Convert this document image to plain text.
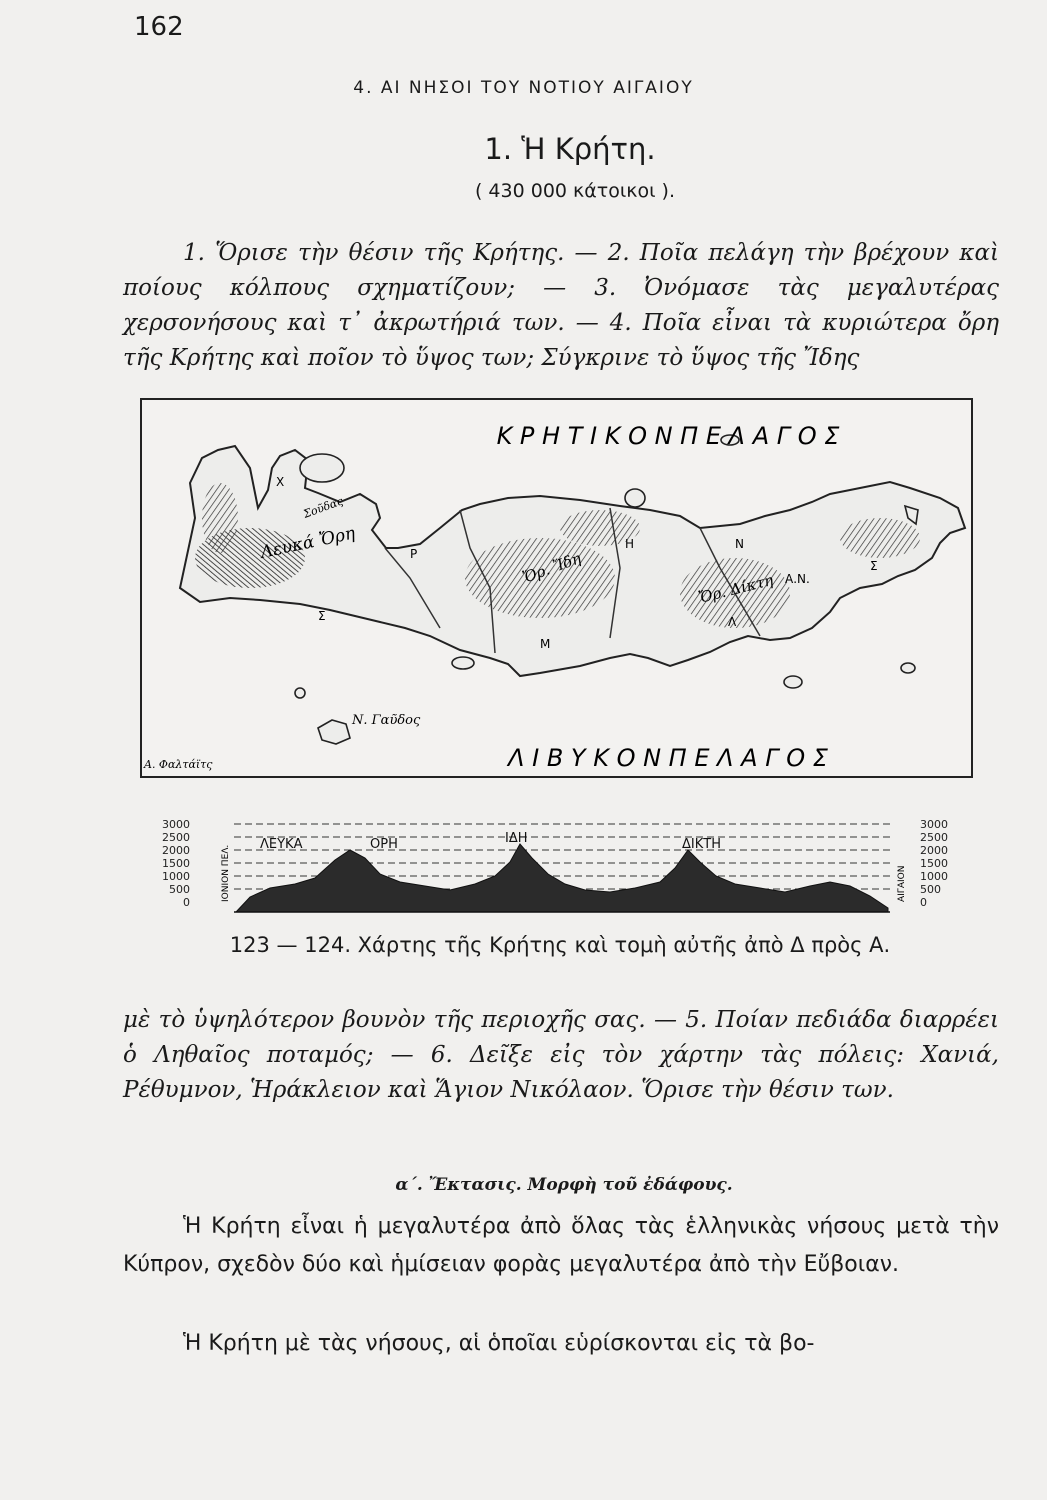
162
4. ΑΙ ΝΗΣΟΙ ΤΟΥ ΝΟΤΙΟΥ ΑΙΓΑΙΟΥ
1. Ἡ Κρήτη.
( 430 000 κάτοικοι ).
1. Ὅρισε τὴν θέσιν τῆς Κρήτης. — 2. Ποῖα πελάγη τὴν βρέχουν καὶ ποίους κόλπους σχηματίζουν; — 3. Ὀνόμασε τὰς μεγαλυτέρας χερσονήσους καὶ τ᾽ ἀκρωτήριά των. — 4. Ποῖα εἶναι τὰ κυριώτερα ὄρη τῆς Κρήτης καὶ ποῖον τὸ ὕψος των; Σύγκρινε τὸ ὕψος τῆς Ἴδης
Κ Ρ Η Τ Ι Κ Ο Ν Π Ε Λ Α Γ Ο Σ
Λ Ι Β Υ Κ Ο Ν Π Ε Λ Α Γ Ο Σ
Λευκά Ὄρη
Ὄρ. Ἴδη
Ὄρ. Δίκτη
Ν. Γαῦδος
Σοῦδας
Α. Φαλτάϊτς
Χ
Ρ
Η	Ν
Α.Ν.
Σ
Μ
Σ	Λ
3000
2500
2000
1500
1000
500
0
3000
2500
2000
1500
1000
500
0
ΙΟΝΙΟΝ ΠΕΛ.	ΑΙΓΑΙΟΝ
ΛΕΥΚΑ	ΟΡΗ	ΙΔΗ	ΔΙΚΤΗ
123 — 124. Χάρτης τῆς Κρήτης καὶ τομὴ αὐτῆς ἀπὸ Δ πρὸς Α.
μὲ τὸ ὑψηλότερον βουνὸν τῆς περιοχῆς σας. — 5. Ποίαν πεδιάδα διαρρέει ὁ Ληθαῖος ποταμός; — 6. Δεῖξε εἰς τὸν χάρτην τὰς πόλεις: Χανιά, Ρέθυμνον, Ἡράκλειον καὶ Ἅγιον Νικόλαον. Ὅρισε τὴν θέσιν των.
α΄. Ἔκτασις. Μορφὴ τοῦ ἐδάφους.
Ἡ Κρήτη εἶναι ἡ μεγαλυτέρα ἀπὸ ὅλας τὰς ἑλληνικὰς νήσους μετὰ τὴν Κύπρον, σχεδὸν δύο καὶ ἡμίσειαν φορὰς μεγαλυτέρα ἀπὸ τὴν Εὔβοιαν.
Ἡ Κρήτη μὲ τὰς νήσους, αἱ ὁποῖαι εὑρίσκονται εἰς τὰ βο-
